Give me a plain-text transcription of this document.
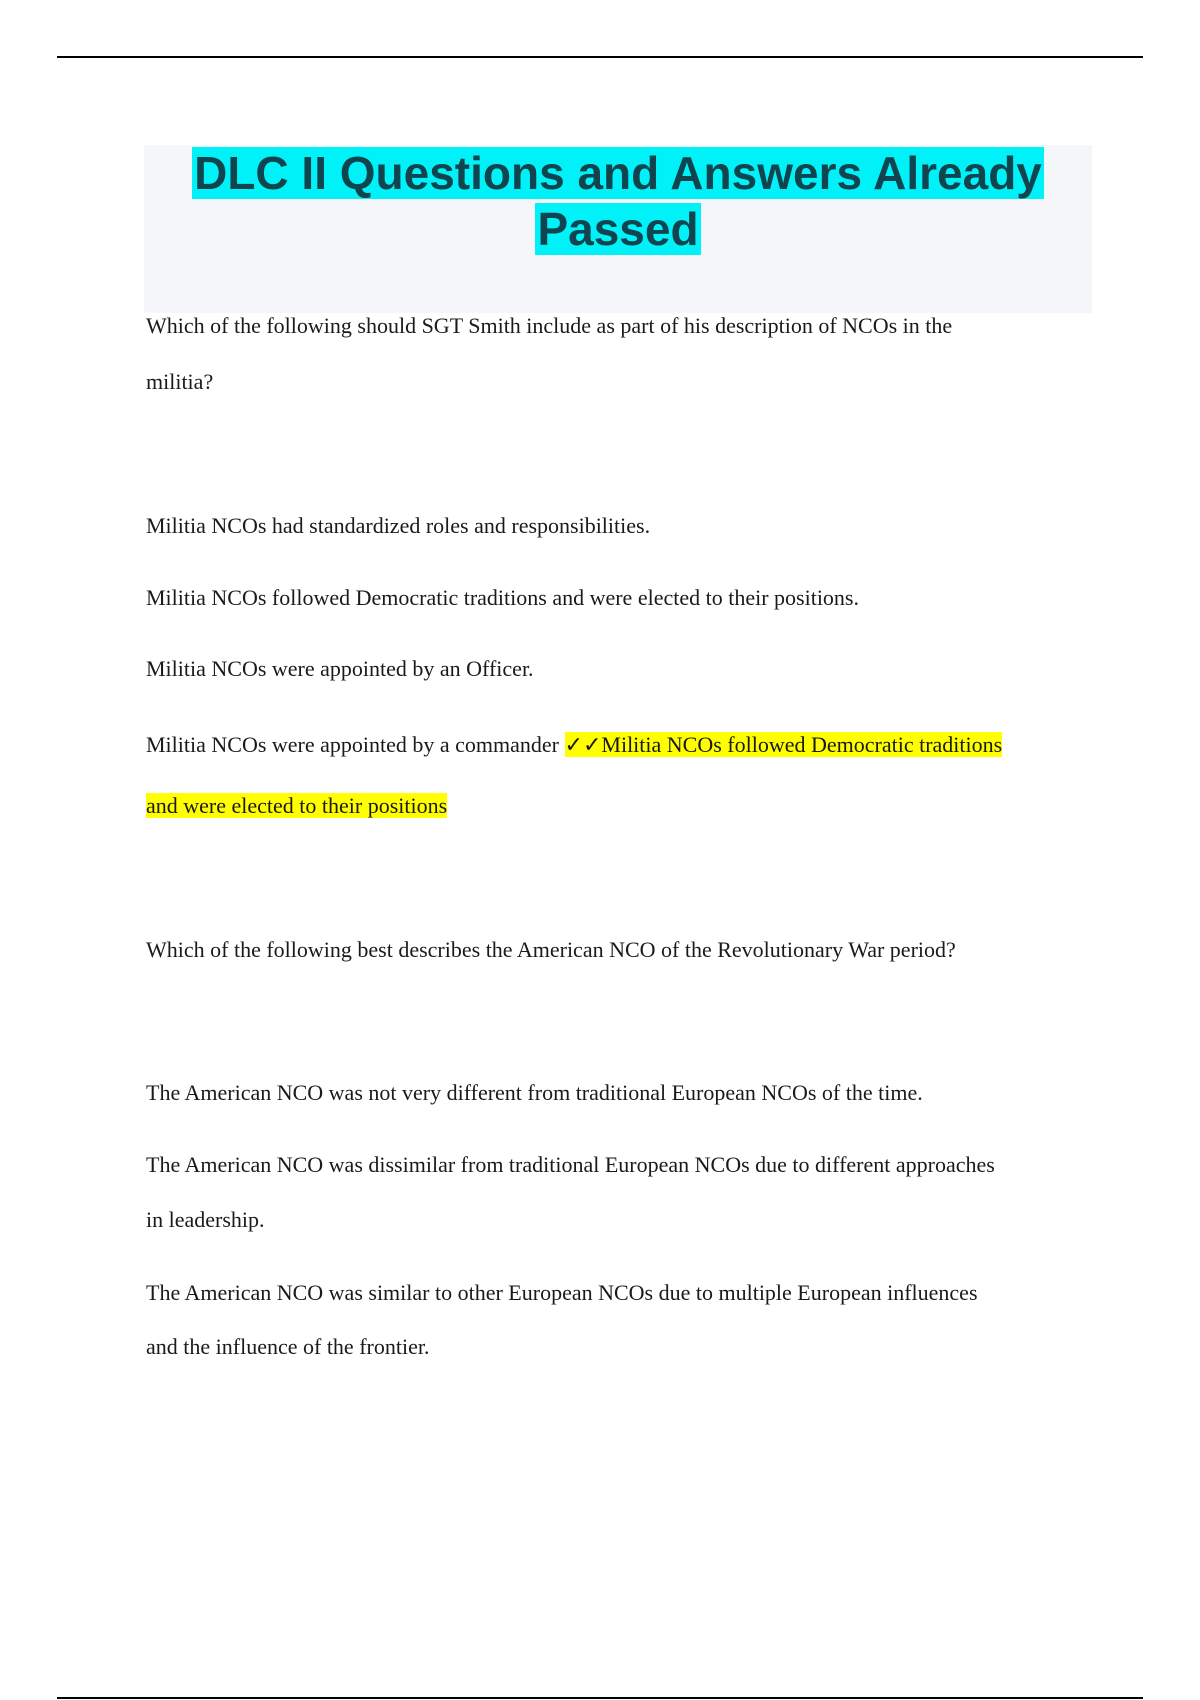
DLC II Questions and Answers Already
Passed

Which of the following should SGT Smith include as part of his description of NCOs in the

militia?

Militia NCOs had standardized roles and responsibilities.

Militia NCOs followed Democratic traditions and were elected to their positions.

Militia NCOs were appointed by an Officer.

Militia NCOs were appointed by a commander ✓✓Militia NCOs followed Democratic traditions

and were elected to their positions

Which of the following best describes the American NCO of the Revolutionary War period?

The American NCO was not very different from traditional European NCOs of the time.

The American NCO was dissimilar from traditional European NCOs due to different approaches

in leadership.

The American NCO was similar to other European NCOs due to multiple European influences

and the influence of the frontier.
